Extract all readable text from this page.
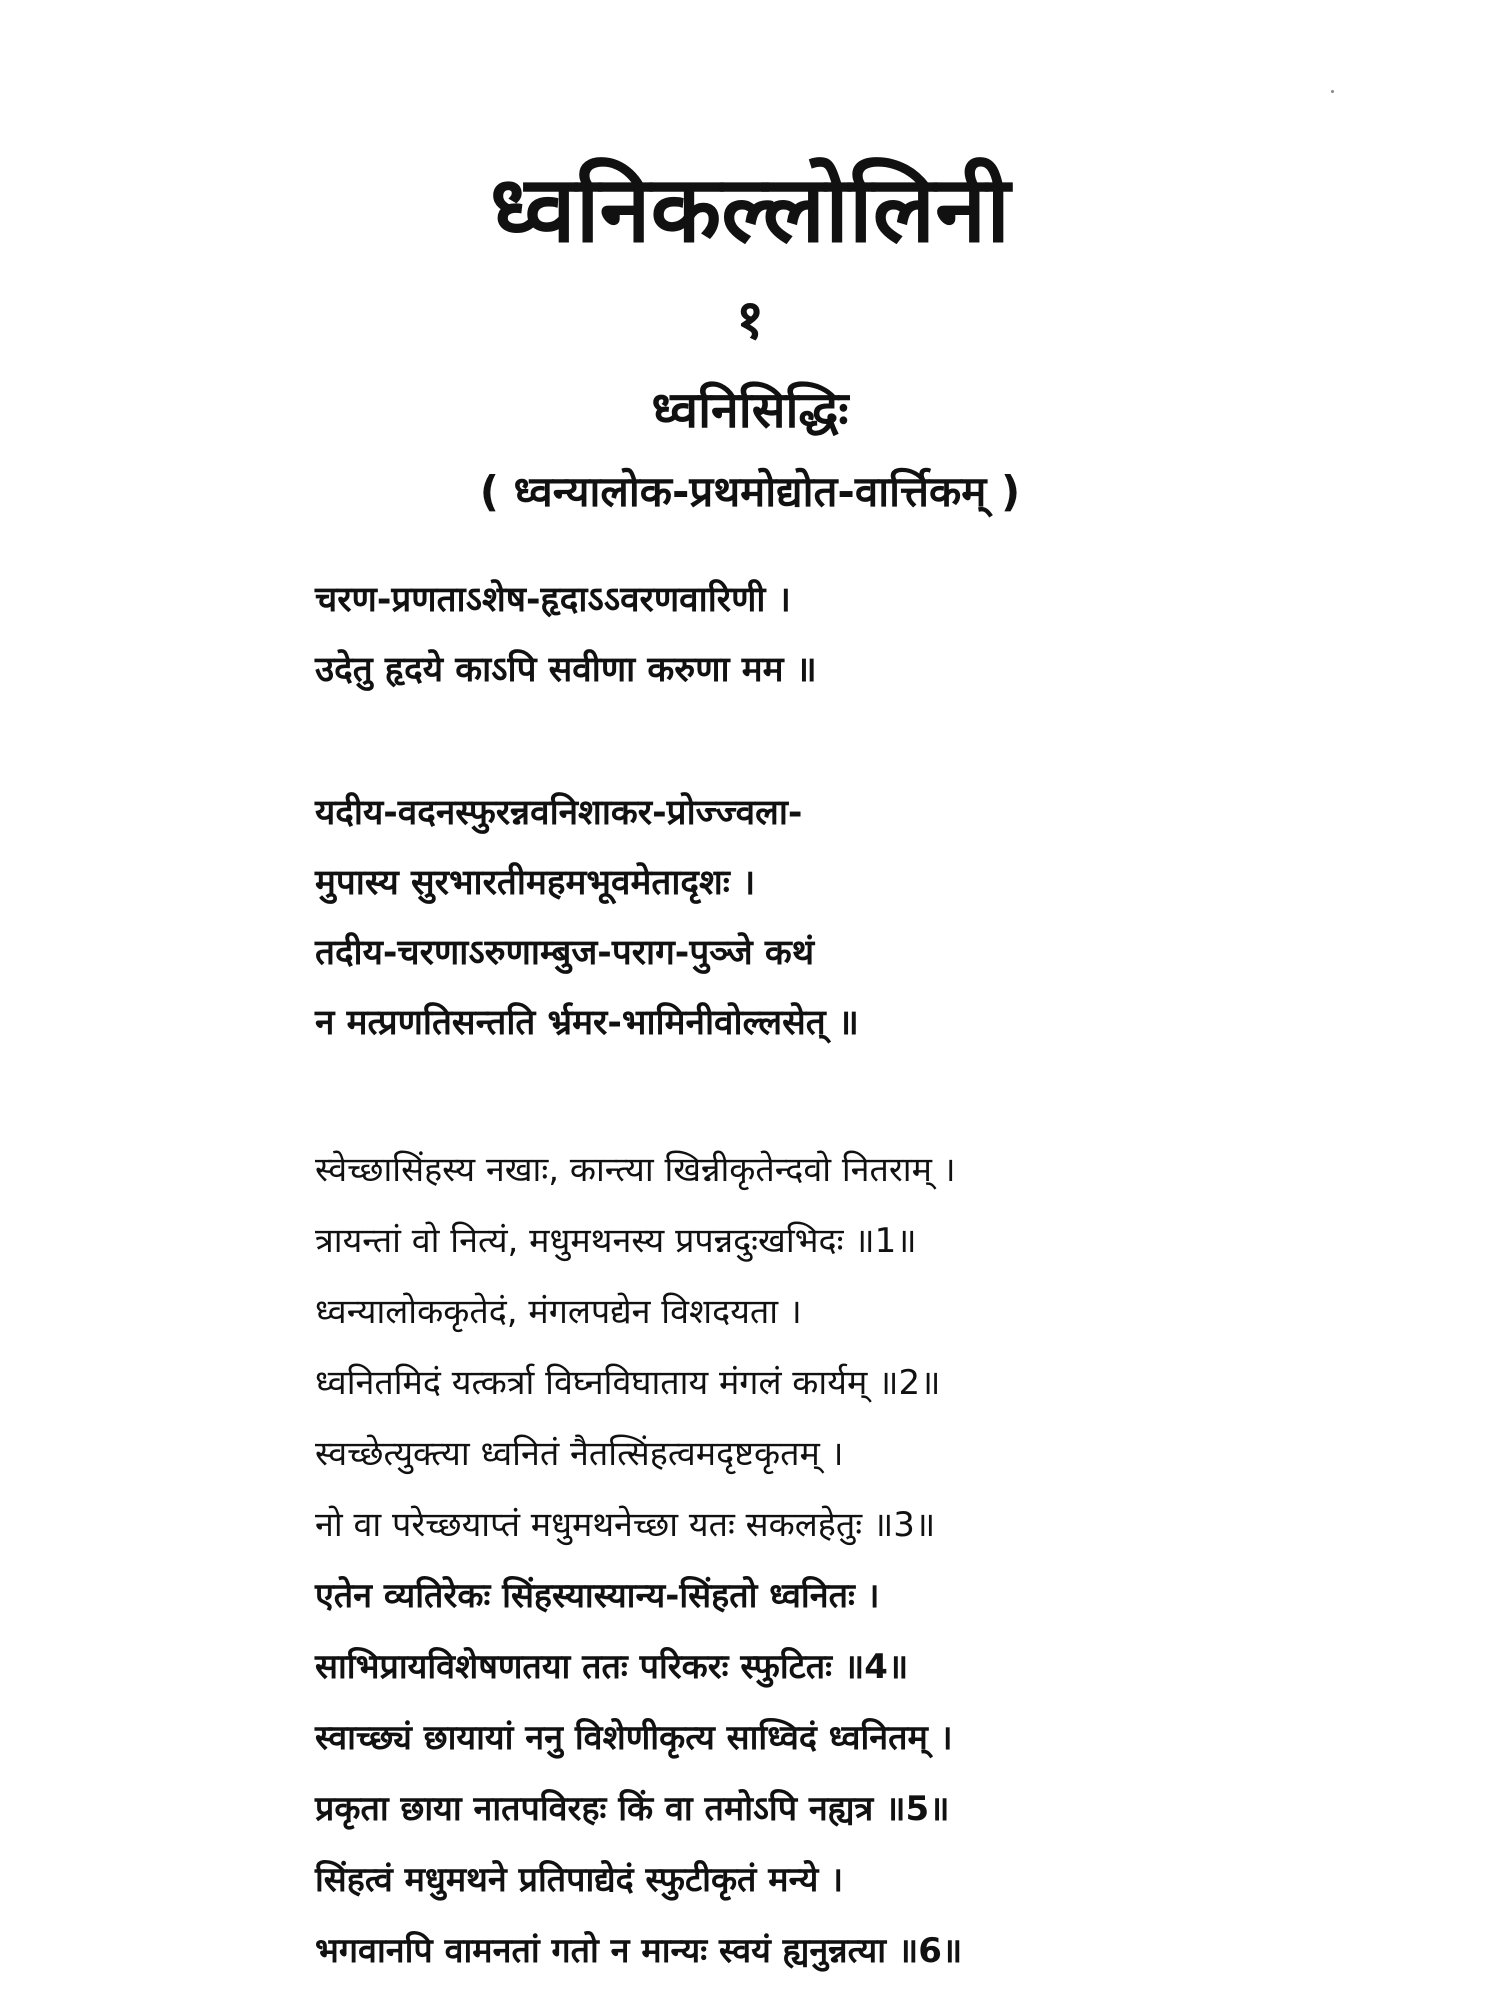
ध्वनिकल्लोलिनी
१
ध्वनिसिद्धिः
( ध्वन्यालोक-प्रथमोद्योत-वार्त्तिकम् )
चरण-प्रणताऽशेष-हृदाऽऽवरणवारिणी ।
उदेतु हृदये काऽपि सवीणा करुणा मम ॥
यदीय-वदनस्फुरन्नवनिशाकर-प्रोज्ज्वला-
मुपास्य सुरभारतीमहमभूवमेतादृशः ।
तदीय-चरणाऽरुणाम्बुज-पराग-पुञ्जे कथं
न मत्प्रणतिसन्तति र्भ्रमर-भामिनीवोल्लसेत् ॥
स्वेच्छासिंहस्य नखाः, कान्त्या खिन्नीकृतेन्दवो नितराम् ।
त्रायन्तां वो नित्यं, मधुमथनस्य प्रपन्नदुःखभिदः ॥1॥
ध्वन्यालोककृतेदं, मंगलपद्येन विशदयता ।
ध्वनितमिदं यत्कर्त्रा विघ्नविघाताय मंगलं कार्यम् ॥2॥
स्वच्छेत्युक्त्या ध्वनितं नैतत्सिंहत्वमदृष्टकृतम् ।
नो वा परेच्छयाप्तं मधुमथनेच्छा यतः सकलहेतुः ॥3॥
एतेन व्यतिरेकः सिंहस्यास्यान्य-सिंहतो ध्वनितः ।
साभिप्रायविशेषणतया ततः परिकरः स्फुटितः ॥4॥
स्वाच्छ्यं छायायां ननु विशेणीकृत्य साध्विदं ध्वनितम् ।
प्रकृता छाया नातपविरहः किं वा तमोऽपि नह्यत्र ॥5॥
सिंहत्वं मधुमथने प्रतिपाद्येदं स्फुटीकृतं मन्ये ।
भगवानपि वामनतां गतो न मान्यः स्वयं ह्यनुन्नत्या ॥6॥
